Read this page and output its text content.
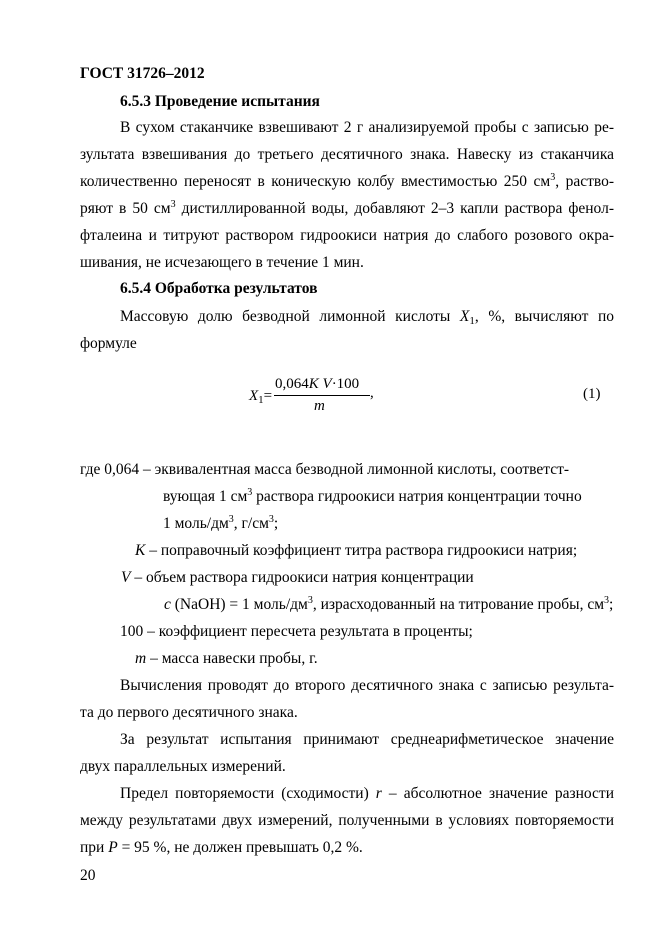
ГОСТ 31726–2012
6.5.3 Проведение испытания
В сухом стаканчике взвешивают 2 г анализируемой пробы с записью ре-
зультата взвешивания до третьего десятичного знака. Навеску из стаканчика
количественно переносят в коническую колбу вместимостью 250 $см^3$, раство-
ряют в 50 $см^3$ дистиллированной воды, добавляют 2–3 капли раствора фенол-
фталеина и титруют раствором гидроокиси натрия до слабого розового окра-
шивания, не исчезающего в течение 1 мин.
6.5.4 Обработка результатов
Массовую долю безводной лимонной кислоты $X_1$, %, вычисляют по
формуле
$X_1=$
0,064K V·100
m
,	(1)
где 0,064 – эквивалентная масса безводной лимонной кислоты, соответст-
вующая 1 $см^3$ раствора гидроокиси натрия концентрации точно
1 моль/$дм^3$, $г/см^3$;
K – поправочный коэффициент титра раствора гидроокиси натрия;
V – объем раствора гидроокиси натрия концентрации
c (NaOH) = 1 моль/$дм^3$, израсходованный на титрование пробы, $см^3$;
100 – коэффициент пересчета результата в проценты;
m – масса навески пробы, г.
Вычисления проводят до второго десятичного знака с записью результа-
та до первого десятичного знака.
За результат испытания принимают среднеарифметическое значение
двух параллельных измерений.
Предел повторяемости (сходимости) r – абсолютное значение разности
между результатами двух измерений, полученными в условиях повторяемости
при P = 95 %, не должен превышать 0,2 %.
20
